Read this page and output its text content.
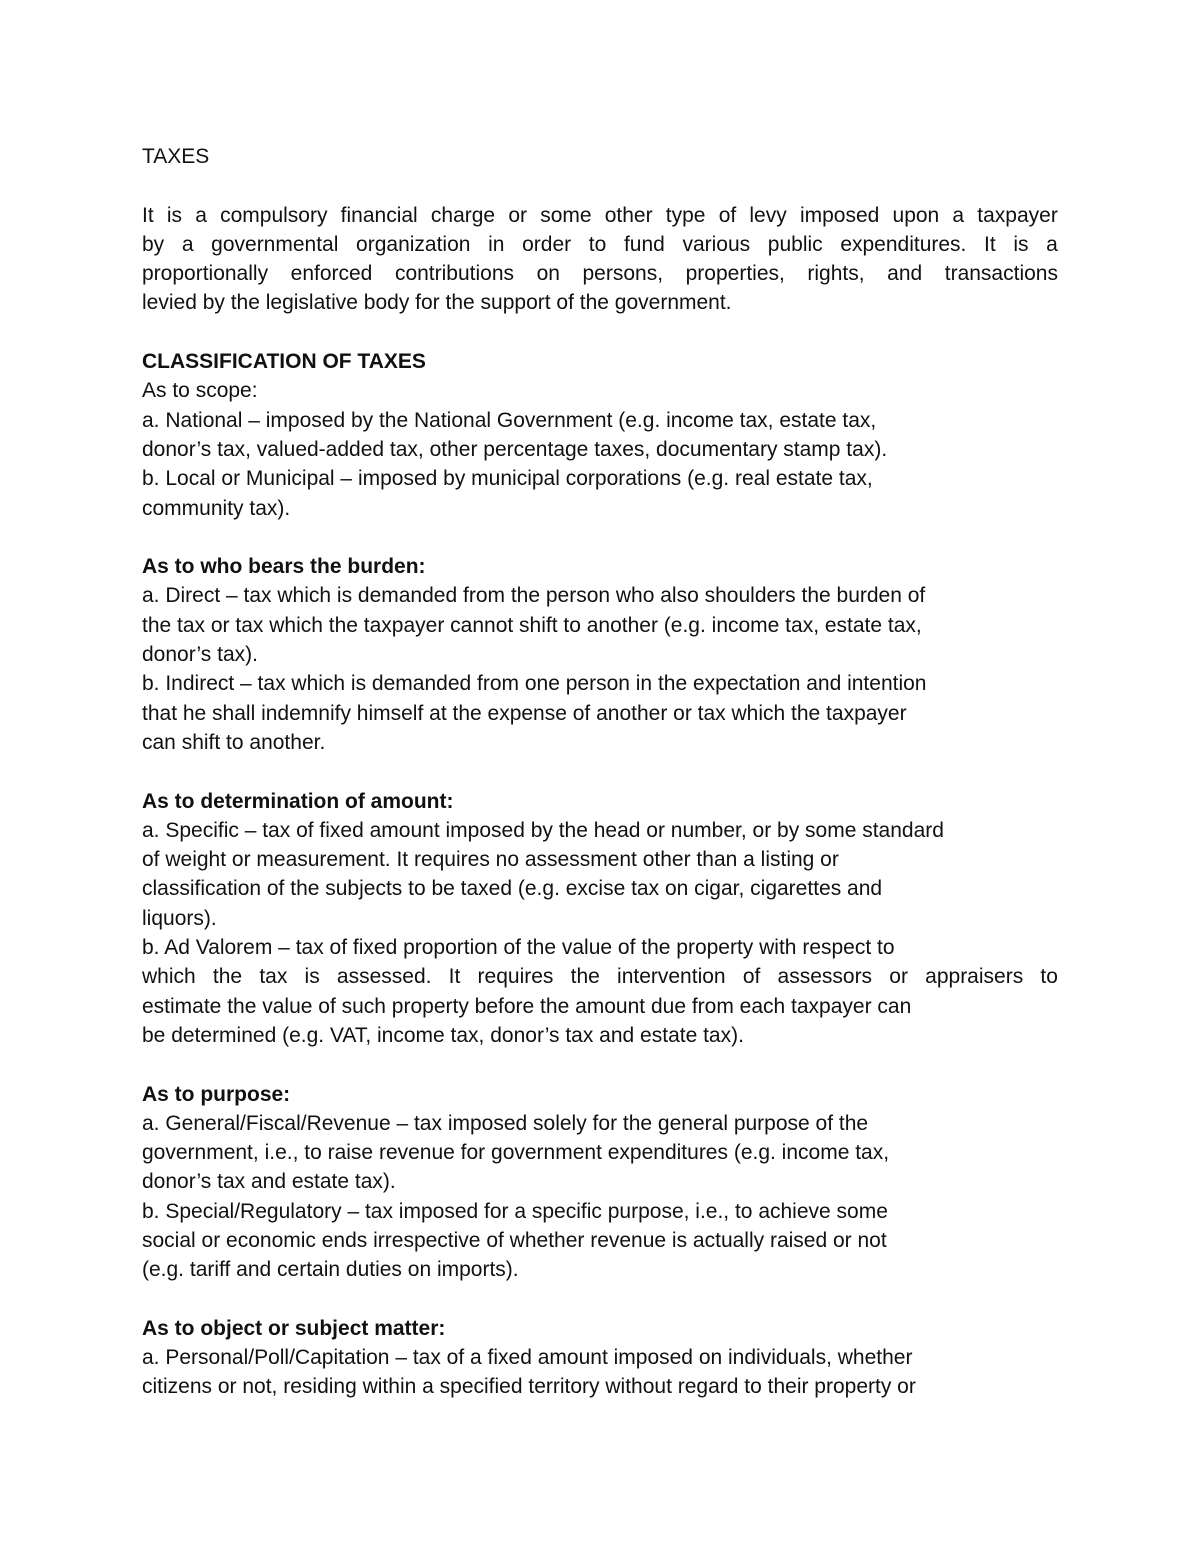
TAXES
It is a compulsory financial charge or some other type of levy imposed upon a taxpayer
by a governmental organization in order to fund various public expenditures. It is a
proportionally enforced contributions on persons, properties, rights, and transactions
levied by the legislative body for the support of the government.
CLASSIFICATION OF TAXES
As to scope:
a. National – imposed by the National Government (e.g. income tax, estate tax,
donor’s tax, valued-added tax, other percentage taxes, documentary stamp tax).
b. Local or Municipal – imposed by municipal corporations (e.g. real estate tax,
community tax).
As to who bears the burden:
a. Direct – tax which is demanded from the person who also shoulders the burden of
the tax or tax which the taxpayer cannot shift to another (e.g. income tax, estate tax,
donor’s tax).
b. Indirect – tax which is demanded from one person in the expectation and intention
that he shall indemnify himself at the expense of another or tax which the taxpayer
can shift to another.
As to determination of amount:
a. Specific – tax of fixed amount imposed by the head or number, or by some standard
of weight or measurement. It requires no assessment other than a listing or
classification of the subjects to be taxed (e.g. excise tax on cigar, cigarettes and
liquors).
b. Ad Valorem – tax of fixed proportion of the value of the property with respect to
which the tax is assessed. It requires the intervention of assessors or appraisers to
estimate the value of such property before the amount due from each taxpayer can
be determined (e.g. VAT, income tax, donor’s tax and estate tax).
As to purpose:
a. General/Fiscal/Revenue – tax imposed solely for the general purpose of the
government, i.e., to raise revenue for government expenditures (e.g. income tax,
donor’s tax and estate tax).
b. Special/Regulatory – tax imposed for a specific purpose, i.e., to achieve some
social or economic ends irrespective of whether revenue is actually raised or not
(e.g. tariff and certain duties on imports).
As to object or subject matter:
a. Personal/Poll/Capitation – tax of a fixed amount imposed on individuals, whether
citizens or not, residing within a specified territory without regard to their property or
